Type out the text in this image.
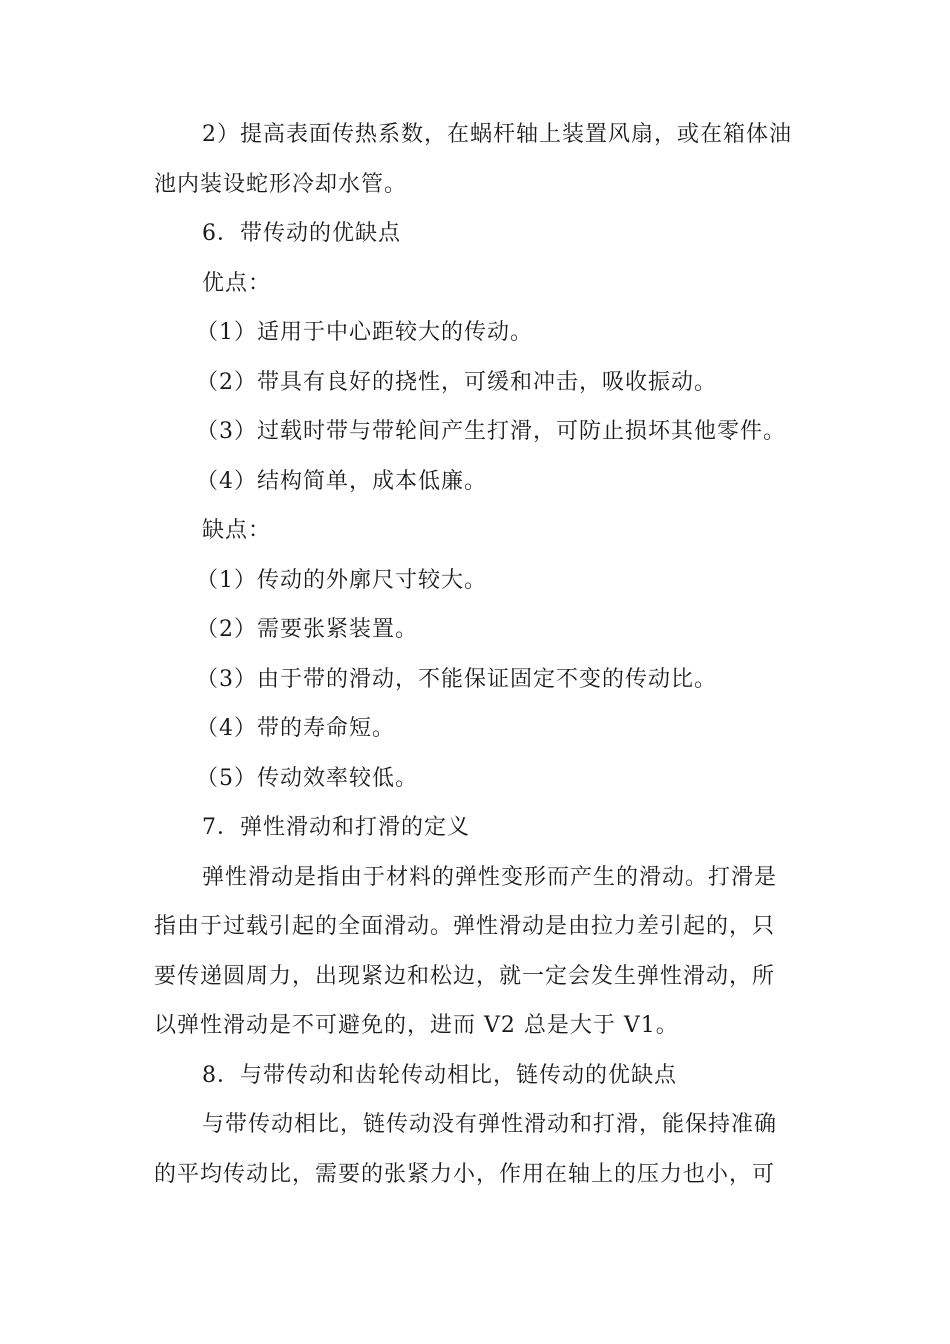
2）提高表面传热系数，在蜗杆轴上装置风扇，或在箱体油池内装设蛇形冷却水管。

6．带传动的优缺点

优点：

（1）适用于中心距较大的传动。

（2）带具有良好的挠性，可缓和冲击，吸收振动。

（3）过载时带与带轮间产生打滑，可防止损坏其他零件。

（4）结构简单，成本低廉。

缺点：

（1）传动的外廓尺寸较大。

（2）需要张紧装置。

（3）由于带的滑动，不能保证固定不变的传动比。

（4）带的寿命短。

（5）传动效率较低。

7．弹性滑动和打滑的定义

弹性滑动是指由于材料的弹性变形而产生的滑动。打滑是指由于过载引起的全面滑动。弹性滑动是由拉力差引起的，只要传递圆周力，出现紧边和松边，就一定会发生弹性滑动，所以弹性滑动是不可避免的，进而 V2 总是大于 V1。

8．与带传动和齿轮传动相比，链传动的优缺点

与带传动相比，链传动没有弹性滑动和打滑，能保持准确的平均传动比，需要的张紧力小，作用在轴上的压力也小，可
